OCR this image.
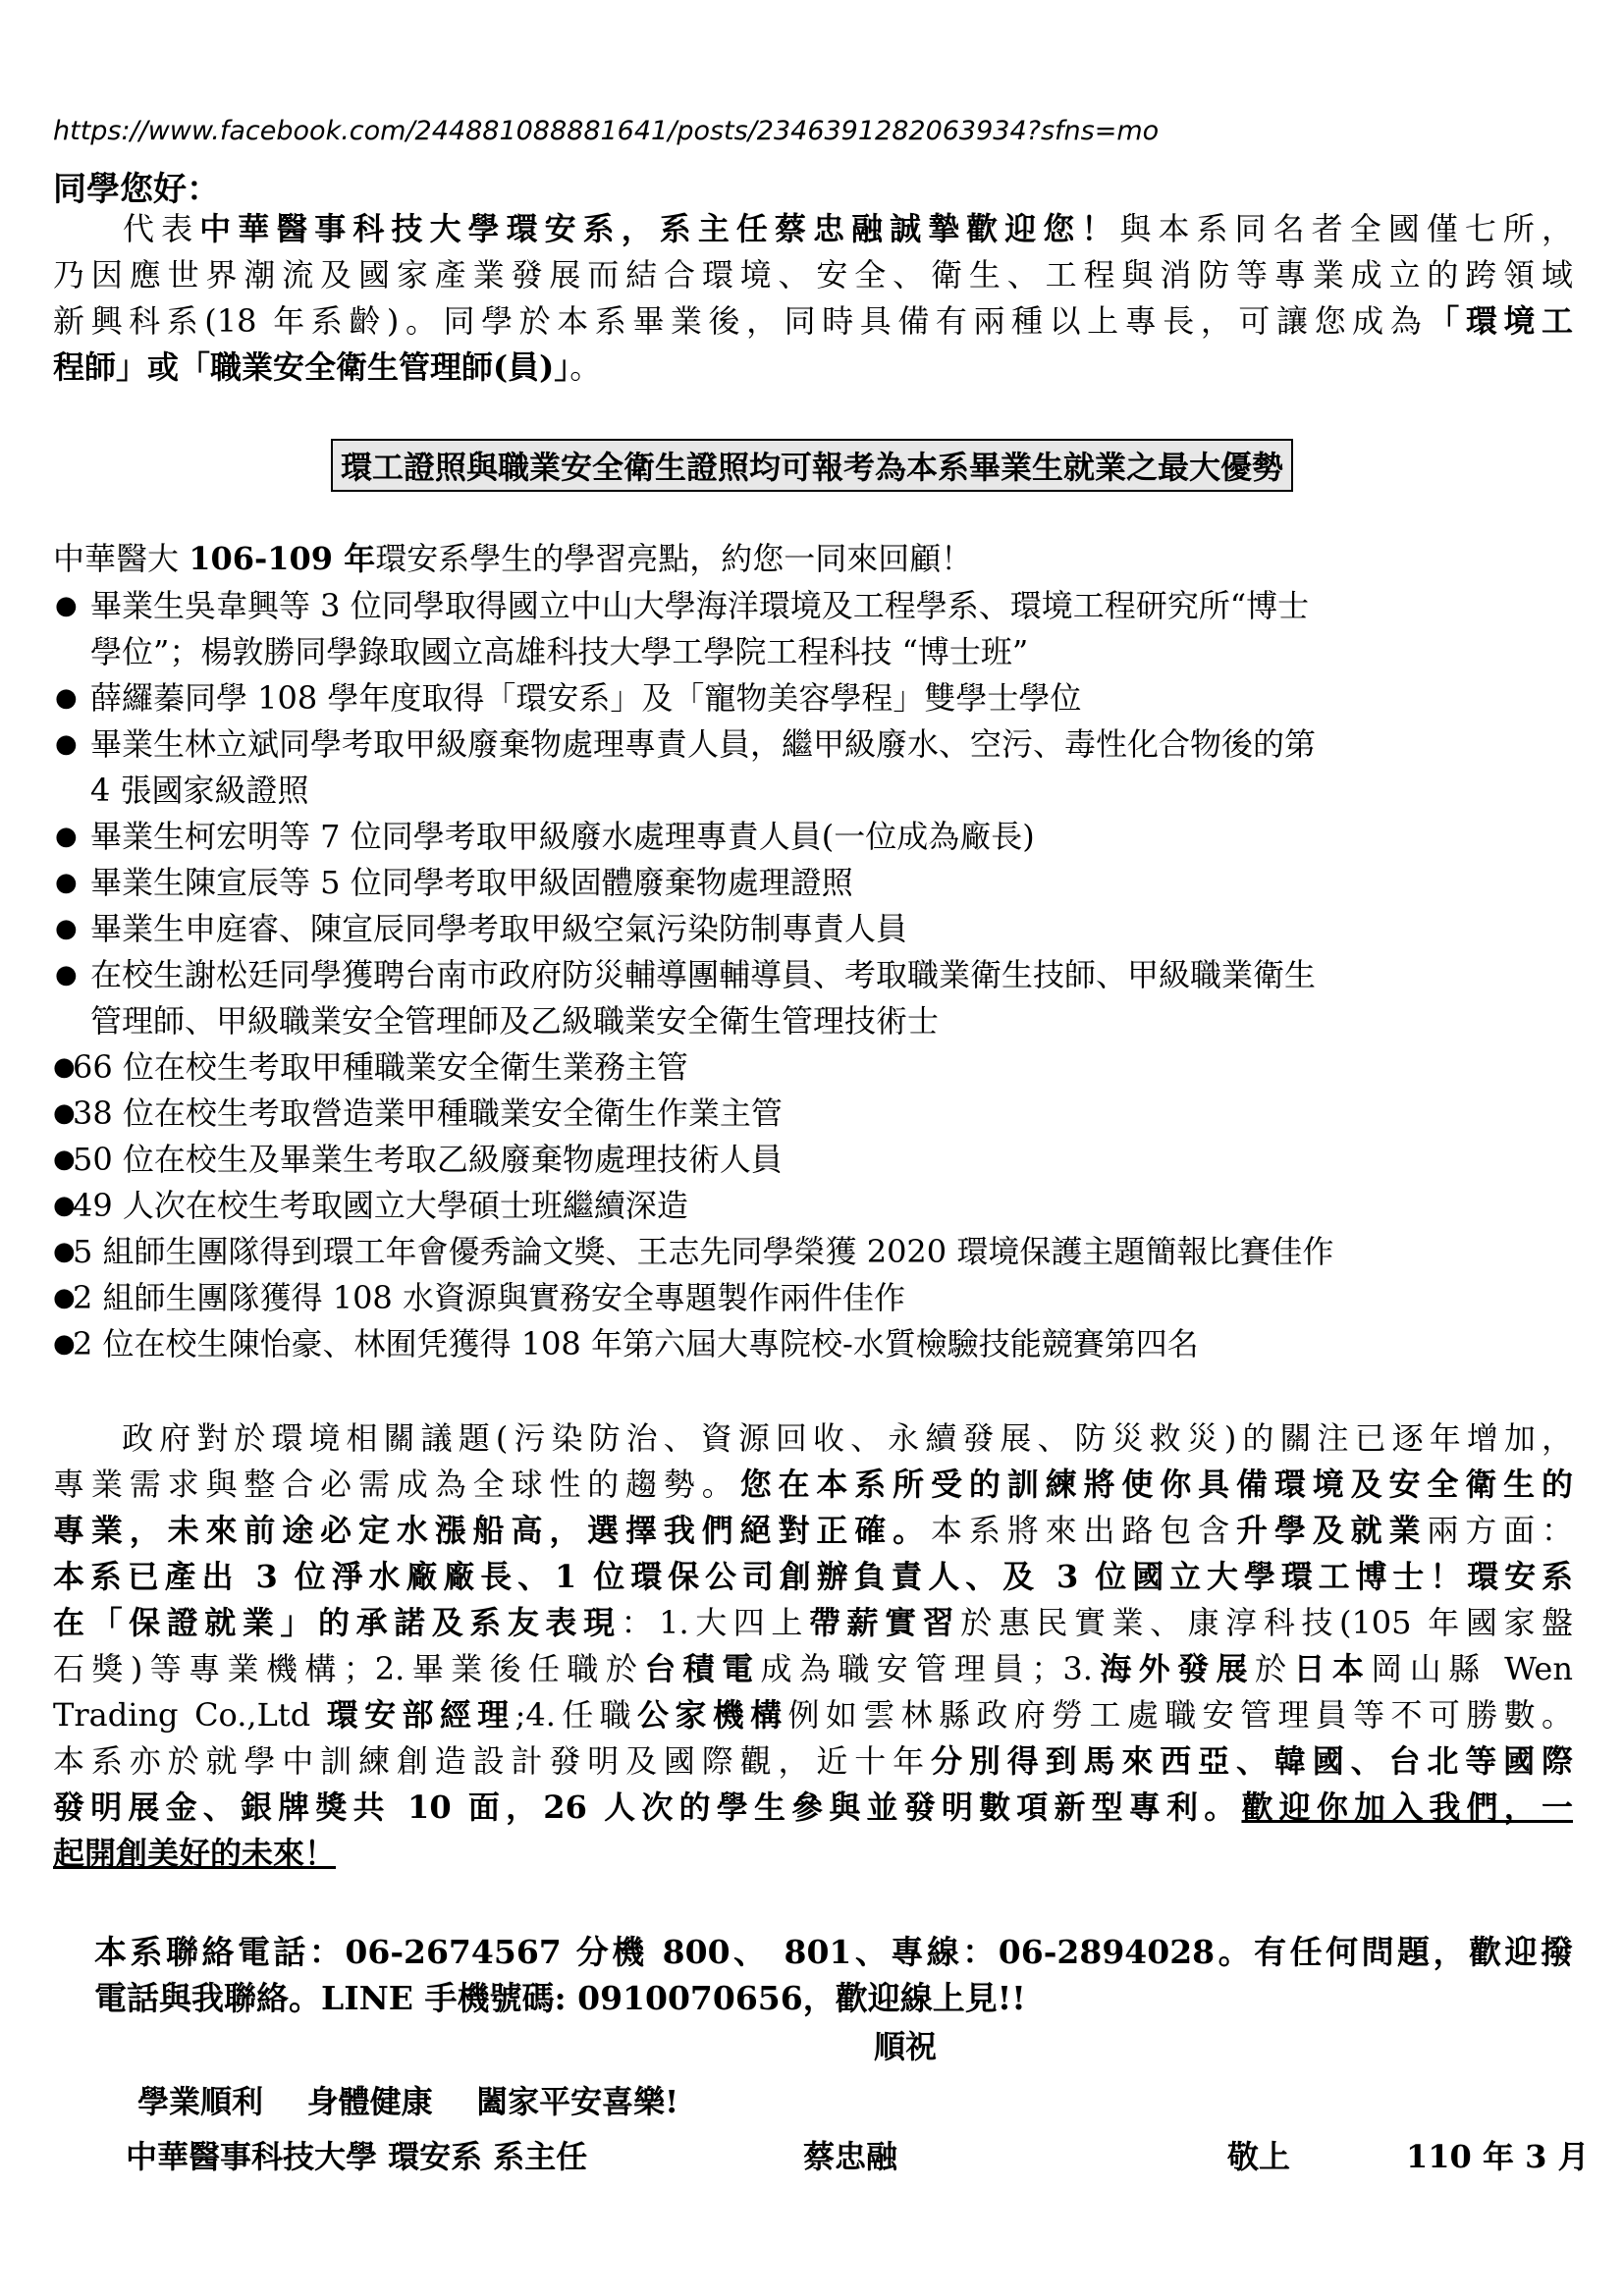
https://www.facebook.com/244881088881641/posts/2346391282063934?sfns=mo
同學您好：

代表中華醫事科技大學環安系，系主任蔡忠融誠摯歡迎您！與本系同名者全國僅七所，

乃因應世界潮流及國家產業發展而結合環境、安全、衛生、工程與消防等專業成立的跨領域

新興科系(18 年系齡)。同學於本系畢業後，同時具備有兩種以上專長，可讓您成為「環境工

程師」或「職業安全衛生管理師(員)」。

環工證照與職業安全衛生證照均可報考為本系畢業生就業之最大優勢
中華醫大 106-109 年環安系學生的學習亮點，約您一同來回顧！
● 畢業生吳韋興等 3 位同學取得國立中山大學海洋環境及工程學系、環境工程研究所“博士
學位”；楊敦勝同學錄取國立高雄科技大學工學院工程科技 “博士班”
● 薛纙蓁同學 108 學年度取得「環安系」及「寵物美容學程」雙學士學位
● 畢業生林立斌同學考取甲級廢棄物處理專責人員，繼甲級廢水、空污、毒性化合物後的第
4 張國家級證照
● 畢業生柯宏明等 7 位同學考取甲級廢水處理專責人員(一位成為廠長)
● 畢業生陳宣辰等 5 位同學考取甲級固體廢棄物處理證照
● 畢業生申庭睿、陳宣辰同學考取甲級空氣污染防制專責人員
● 在校生謝松廷同學獲聘台南市政府防災輔導團輔導員、考取職業衛生技師、甲級職業衛生
管理師、甲級職業安全管理師及乙級職業安全衛生管理技術士
●
66 位在校生考取甲種職業安全衛生業務主管
●
38 位在校生考取營造業甲種職業安全衛生作業主管
●
50 位在校生及畢業生考取乙級廢棄物處理技術人員
●
49 人次在校生考取國立大學碩士班繼續深造
●
5 組師生團隊得到環工年會優秀論文獎、王志先同學榮獲 2020 環境保護主題簡報比賽佳作
●
2 組師生團隊獲得 108 水資源與實務安全專題製作兩件佳作
●
2 位在校生陳怡豪、林囿凭獲得 108 年第六屆大專院校-水質檢驗技能競賽第四名

政府對於環境相關議題(污染防治、資源回收、永續發展、防災救災)的關注已逐年增加，

專業需求與整合必需成為全球性的趨勢。您在本系所受的訓練將使你具備環境及安全衛生的

專業，未來前途必定水漲船高，選擇我們絕對正確。本系將來出路包含升學及就業兩方面：

本系已產出 3 位淨水廠廠長、1 位環保公司創辦負責人、及 3 位國立大學環工博士！環安系

在「保證就業」的承諾及系友表現：1.大四上帶薪實習於惠民實業、康淳科技(105 年國家盤

石獎)等專業機構；2.畢業後任職於台積電成為職安管理員；3.海外發展於日本岡山縣 Wen

Trading Co.,Ltd 環安部經理;4.任職公家機構例如雲林縣政府勞工處職安管理員等不可勝數。

本系亦於就學中訓練創造設計發明及國際觀，近十年分別得到馬來西亞、韓國、台北等國際

發明展金、銀牌獎共 10 面，26 人次的學生參與並發明數項新型專利。歡迎你加入我們，一

起開創美好的未來！

本系聯絡電話：06-2674567 分機 800、 801、專線：06-2894028。有任何問題，歡迎撥

電話與我聯絡。LINE 手機號碼: 0910070656，歡迎線上見!!

順祝
學業順利    身體健康    闔家平安喜樂!
中華醫事科技大學 環安系 系主任	蔡忠融	敬上	110 年 3 月
